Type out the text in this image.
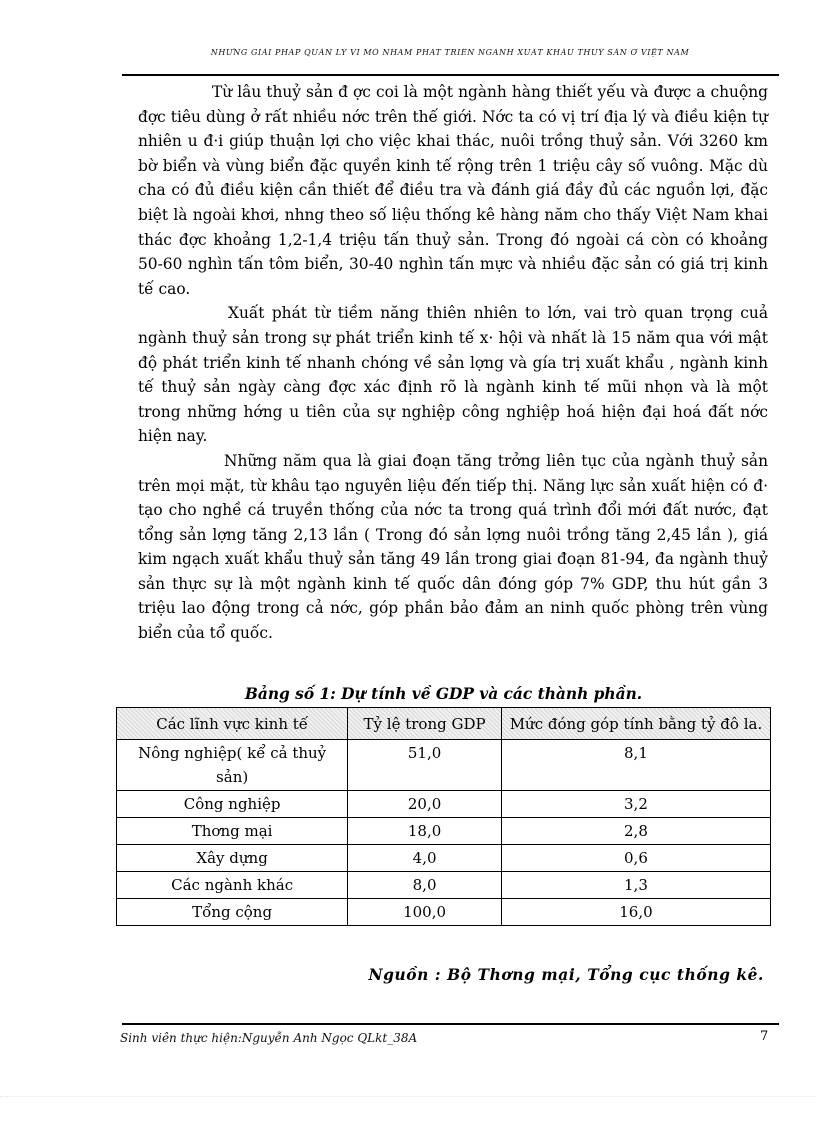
NHỮNG GIẢI PHÁP QUẢN LÝ VĨ MÔ NHẰM PHÁT TRIỂN NGÀNH XUẤT KHẨU THUỶ SẢN Ở VIỆT NAM

Từ lâu thuỷ sản đ ợc coi là một ngành hàng thiết yếu và được a chuộng đợc tiêu dùng ở rất nhiều nớc trên thế giới. Nớc ta có vị trí địa lý và điều kiện tự nhiên u đ·i giúp thuận lợi cho việc khai thác, nuôi trồng thuỷ sản. Với 3260 km bờ biển và vùng biển đặc quyền kinh tế rộng trên 1 triệu cây số vuông. Mặc dù cha có đủ điều kiện cần thiết để điều tra và đánh giá đầy đủ các nguồn lợi, đặc biệt là ngoài khơi, nhng theo số liệu thống kê hàng năm cho thấy Việt Nam khai thác đợc khoảng 1,2-1,4 triệu tấn thuỷ sản. Trong đó ngoài cá còn có khoảng 50-60 nghìn tấn tôm biển, 30-40 nghìn tấn mực và nhiều đặc sản có giá trị kinh tế cao.

Xuất phát từ tiềm năng thiên nhiên to lớn, vai trò quan trọng cuả ngành thuỷ sản trong sự phát triển kinh tế x· hội và nhất là 15 năm qua với mật độ phát triển kinh tế nhanh chóng về sản lợng và gía trị xuất khẩu , ngành kinh tế thuỷ sản ngày càng đợc xác định rõ là ngành kinh tế mũi nhọn và là một trong những hớng u tiên của sự nghiệp công nghiệp hoá hiện đại hoá đất nớc hiện nay.

Những năm qua là giai đoạn tăng trởng liên tục của ngành thuỷ sản trên mọi mặt, từ khâu tạo nguyên liệu đến tiếp thị. Năng lực sản xuất hiện có đ· tạo cho nghề cá truyền thống của nớc ta trong quá trình đổi mới đất nước, đạt tổng sản lợng tăng 2,13 lần ( Trong đó sản lợng nuôi trồng tăng 2,45 lần ), giá kim ngạch xuất khẩu thuỷ sản tăng 49 lần trong giai đoạn 81-94, đa ngành thuỷ sản thực sự là một ngành kinh tế quốc dân đóng góp 7% GDP, thu hút gần 3 triệu lao động trong cả nớc, góp phần bảo đảm an ninh quốc phòng trên vùng biển của tổ quốc.

Bảng số 1: Dự tính về GDP và các thành phần.
Các lĩnh vực kinh tế	Tỷ lệ trong GDP	Mức đóng góp tính bằng tỷ đô la.
Nông nghiệp( kể cả thuỷ sản)	51,0	8,1
Công nghiệp	20,0	3,2
Thơng mại	18,0	2,8
Xây dựng	4,0	0,6
Các ngành khác	8,0	1,3
Tổng cộng	100,0	16,0
Nguồn : Bộ Thơng mại, Tổng cục thống kê.
Sinh viên thực hiện:Nguyễn Anh Ngọc QLkt_38A	7
